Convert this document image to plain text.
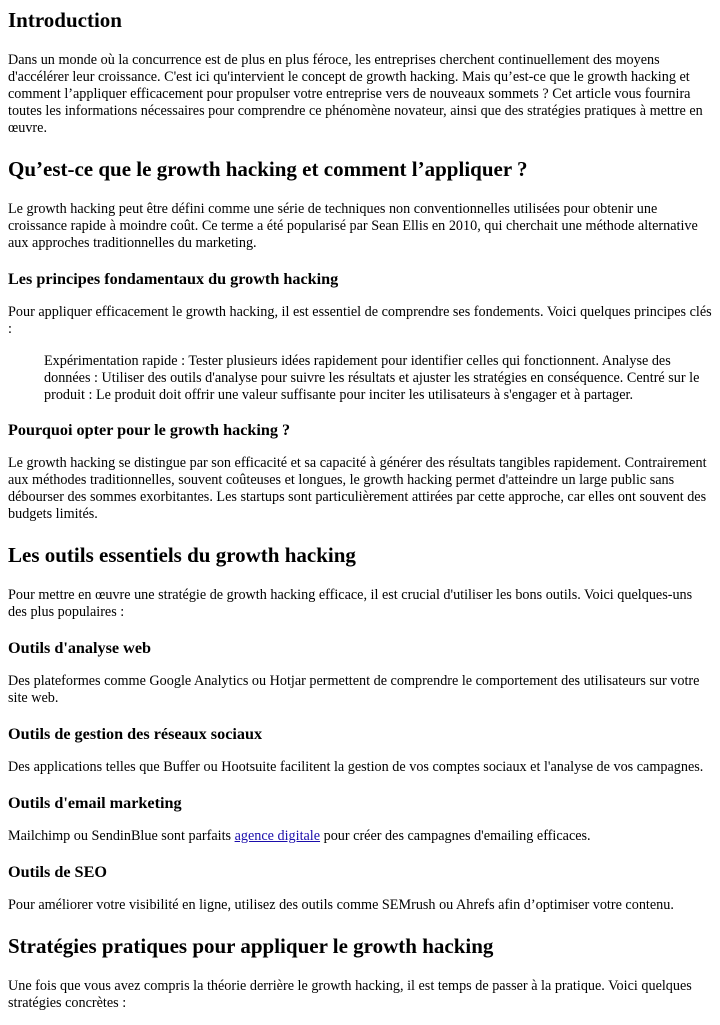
Introduction

Dans un monde où la concurrence est de plus en plus féroce, les entreprises cherchent continuellement des moyens d'accélérer leur croissance. C'est ici qu'intervient le concept de growth hacking. Mais qu’est-ce que le growth hacking et comment l’appliquer efficacement pour propulser votre entreprise vers de nouveaux sommets ? Cet article vous fournira toutes les informations nécessaires pour comprendre ce phénomène novateur, ainsi que des stratégies pratiques à mettre en œuvre.

Qu’est-ce que le growth hacking et comment l’appliquer ?

Le growth hacking peut être défini comme une série de techniques non conventionnelles utilisées pour obtenir une croissance rapide à moindre coût. Ce terme a été popularisé par Sean Ellis en 2010, qui cherchait une méthode alternative aux approches traditionnelles du marketing.

Les principes fondamentaux du growth hacking

Pour appliquer efficacement le growth hacking, il est essentiel de comprendre ses fondements. Voici quelques principes clés :

Expérimentation rapide : Tester plusieurs idées rapidement pour identifier celles qui fonctionnent. Analyse des données : Utiliser des outils d'analyse pour suivre les résultats et ajuster les stratégies en conséquence. Centré sur le produit : Le produit doit offrir une valeur suffisante pour inciter les utilisateurs à s'engager et à partager.
Pourquoi opter pour le growth hacking ?

Le growth hacking se distingue par son efficacité et sa capacité à générer des résultats tangibles rapidement. Contrairement aux méthodes traditionnelles, souvent coûteuses et longues, le growth hacking permet d'atteindre un large public sans débourser des sommes exorbitantes. Les startups sont particulièrement attirées par cette approche, car elles ont souvent des budgets limités.

Les outils essentiels du growth hacking

Pour mettre en œuvre une stratégie de growth hacking efficace, il est crucial d'utiliser les bons outils. Voici quelques-uns des plus populaires :

Outils d'analyse web

Des plateformes comme Google Analytics ou Hotjar permettent de comprendre le comportement des utilisateurs sur votre site web.

Outils de gestion des réseaux sociaux

Des applications telles que Buffer ou Hootsuite facilitent la gestion de vos comptes sociaux et l'analyse de vos campagnes.

Outils d'email marketing

Mailchimp ou SendinBlue sont parfaits agence digitale pour créer des campagnes d'emailing efficaces.

Outils de SEO

Pour améliorer votre visibilité en ligne, utilisez des outils comme SEMrush ou Ahrefs afin d’optimiser votre contenu.

Stratégies pratiques pour appliquer le growth hacking

Une fois que vous avez compris la théorie derrière le growth hacking, il est temps de passer à la pratique. Voici quelques stratégies concrètes :
